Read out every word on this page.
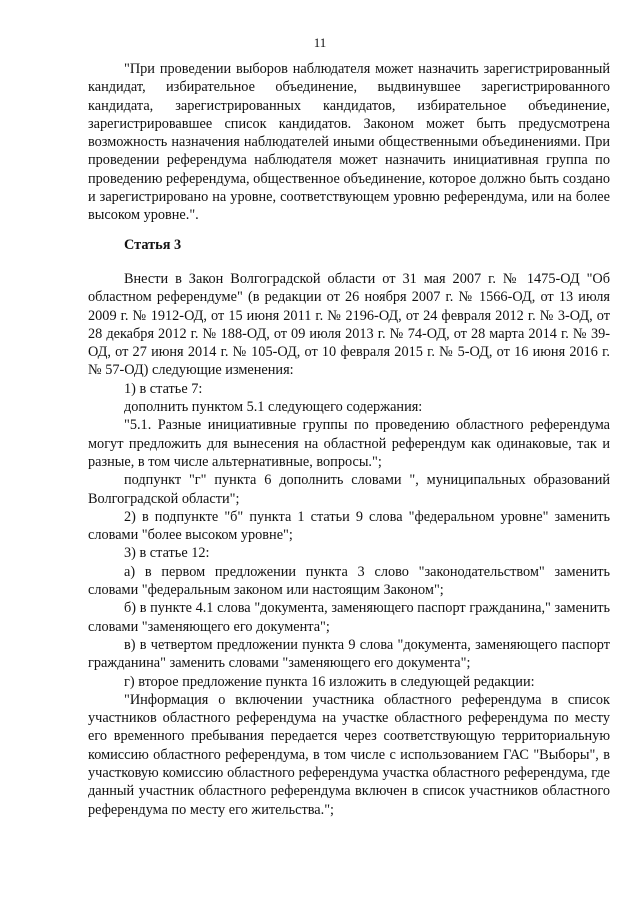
11

"При проведении выборов наблюдателя может назначить зарегистрированный кандидат, избирательное объединение, выдвинувшее зарегистрированного кандидата, зарегистрированных кандидатов, избирательное объединение, зарегистрировавшее список кандидатов. Законом может быть предусмотрена возможность назначения наблюдателей иными общественными объединениями. При проведении референдума наблюдателя может назначить инициативная группа по проведению референдума, общественное объединение, которое должно быть создано и зарегистрировано на уровне, соответствующем уровню референдума, или на более высоком уровне.".

Статья 3

Внести в Закон Волгоградской области от 31 мая 2007 г. № 1475-ОД "Об областном референдуме" (в редакции от 26 ноября 2007 г. № 1566-ОД, от 13 июля 2009 г. № 1912-ОД, от 15 июня 2011 г. № 2196-ОД, от 24 февраля 2012 г. № 3-ОД, от 28 декабря 2012 г. № 188-ОД, от 09 июля 2013 г. № 74-ОД, от 28 марта 2014 г. № 39-ОД, от 27 июня 2014 г. № 105-ОД, от 10 февраля 2015 г. № 5-ОД, от 16 июня 2016 г. № 57-ОД) следующие изменения:

1) в статье 7:

дополнить пунктом 5.1 следующего содержания:

"5.1. Разные инициативные группы по проведению областного референдума могут предложить для вынесения на областной референдум как одинаковые, так и разные, в том числе альтернативные, вопросы.";

подпункт "г" пункта 6 дополнить словами ", муниципальных образований Волгоградской области";

2) в подпункте "б" пункта 1 статьи 9 слова "федеральном уровне" заменить словами "более высоком уровне";

3) в статье 12:

а) в первом предложении пункта 3 слово "законодательством" заменить словами "федеральным законом или настоящим Законом";

б) в пункте 4.1 слова "документа, заменяющего паспорт гражданина," заменить словами "заменяющего его документа";

в) в четвертом предложении пункта 9 слова "документа, заменяющего паспорт гражданина" заменить словами "заменяющего его документа";

г) второе предложение пункта 16 изложить в следующей редакции:

"Информация о включении участника областного референдума в список участников областного референдума на участке областного референдума по месту его временного пребывания передается через соответствующую территориальную комиссию областного референдума, в том числе с использованием ГАС "Выборы", в участковую комиссию областного референдума участка областного референдума, где данный участник областного референдума включен в список участников областного референдума по месту его жительства.";
